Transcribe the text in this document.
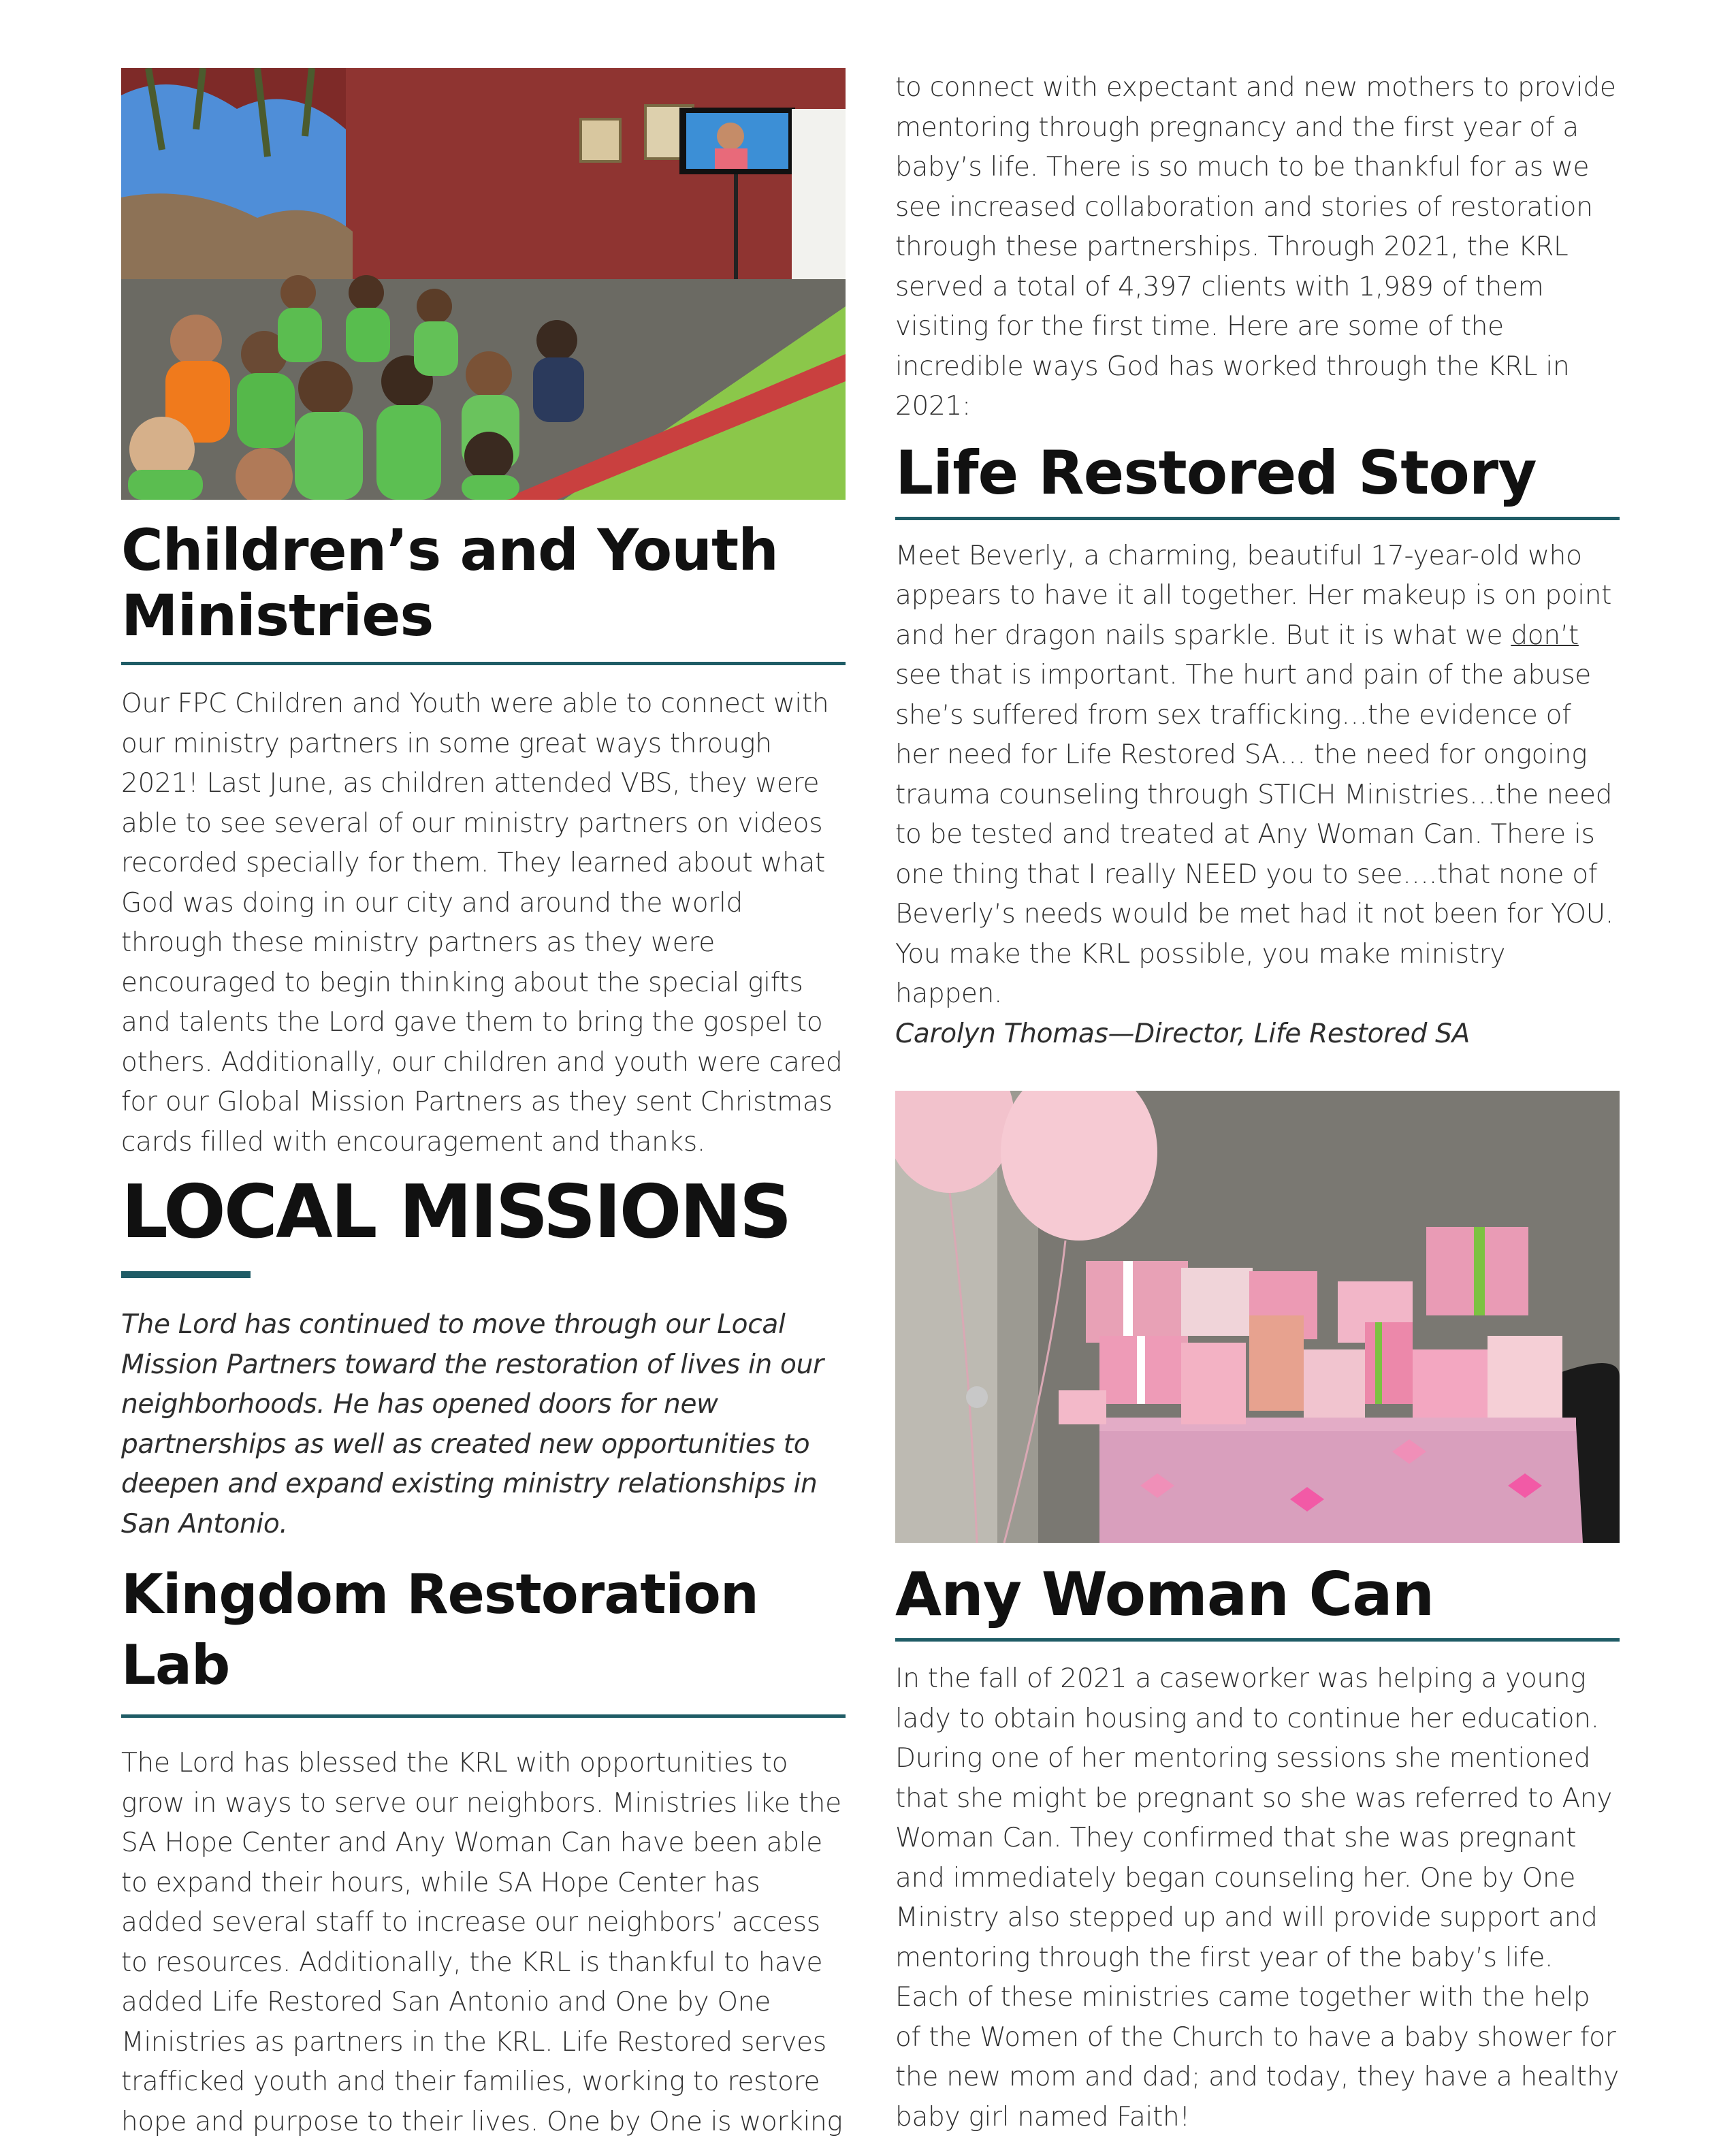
Children’s and Youth
Ministries

Our FPC Children and Youth were able to connect with our ministry partners in some great ways through 2021! Last June, as children attended VBS, they were able to see several of our ministry partners on videos recorded specially for them. They learned about what God was doing in our city and around the world through these ministry partners as they were encouraged to begin thinking about the special gifts and talents the Lord gave them to bring the gospel to others. Additionally, our children and youth were cared for our Global Mission Partners as they sent Christmas cards filled with encouragement and thanks.

LOCAL MISSIONS

The Lord has continued to move through our Local Mission Partners toward the restoration of lives in our neighborhoods. He has opened doors for new partnerships as well as created new opportunities to deepen and expand existing ministry relationships in San Antonio.

Kingdom Restoration Lab

The Lord has blessed the KRL with opportunities to grow in ways to serve our neighbors. Ministries like the SA Hope Center and Any Woman Can have been able to expand their hours, while SA Hope Center has added several staff to increase our neighbors’ access to resources. Additionally, the KRL is thankful to have added Life Restored San Antonio and One by One Ministries as partners in the KRL. Life Restored serves trafficked youth and their families, working to restore hope and purpose to their lives. One by One is working

to connect with expectant and new mothers to provide mentoring through pregnancy and the first year of a baby’s life. There is so much to be thankful for as we see increased collaboration and stories of restoration through these partnerships. Through 2021, the KRL served a total of 4,397 clients with 1,989 of them visiting for the first time. Here are some of the incredible ways God has worked through the KRL in 2021:

Life Restored Story

Meet Beverly, a charming, beautiful 17-year-old who appears to have it all together. Her makeup is on point and her dragon nails sparkle. But it is what we don’t see that is important. The hurt and pain of the abuse she’s suffered from sex trafficking…the evidence of her need for Life Restored SA… the need for ongoing trauma counseling through STICH Ministries…the need to be tested and treated at Any Woman Can. There is one thing that I really NEED you to see….that none of Beverly’s needs would be met had it not been for YOU. You make the KRL possible, you make ministry happen.

Carolyn Thomas—Director, Life Restored SA

Any Woman Can

In the fall of 2021 a caseworker was helping a young lady to obtain housing and to continue her education. During one of her mentoring sessions she mentioned that she might be pregnant so she was referred to Any Woman Can. They confirmed that she was pregnant and immediately began counseling her. One by One Ministry also stepped up and will provide support and mentoring through the first year of the baby’s life. Each of these ministries came together with the help of the Women of the Church to have a baby shower for the new mom and dad; and today, they have a healthy baby girl named Faith!
